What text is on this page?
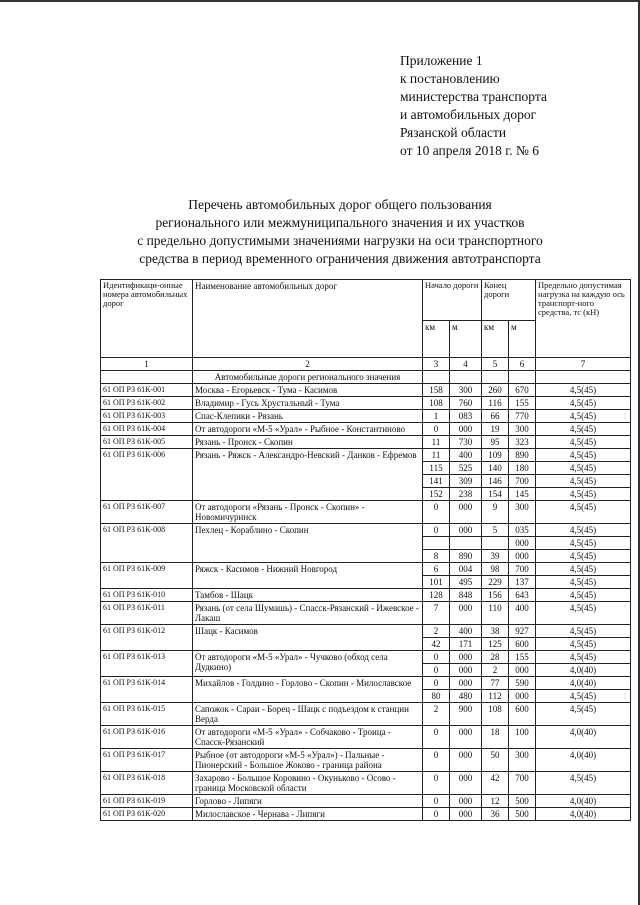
Приложение 1
к постановлению
министерства транспорта
и автомобильных дорог
Рязанской области
от 10 апреля 2018 г. № 6
Перечень автомобильных дорог общего пользования
регионального или межмуниципального значения и их участков
с предельно допустимыми значениями нагрузки на оси транспортного
средства в период временного ограничения движения автотранспорта
Идентификаци-онные номера автомобильных дорог	Наименование автомобильных дорог	Начало дороги		Конец дороги		Предельно допустимая нагрузка на каждую ось транспорт-ного средства, тс (кН)
		км	м	км	м	
1	2	3	4	5	6	7
	Автомобильные дороги регионального значения					
61 ОП РЗ 61К-001	Москва - Егорьевск - Тума - Касимов	158	300	260	670	4,5(45)
61 ОП РЗ 61К-002	Владимир - Гусь Хрустальный - Тума	108	760	116	155	4,5(45)
61 ОП РЗ 61К-003	Спас-Клепики - Рязань	1	083	66	770	4,5(45)
61 ОП РЗ 61К-004	От автодороги «М-5 «Урал» - Рыбное - Константиново	0	000	19	300	4,5(45)
61 ОП РЗ 61К-005	Рязань - Пронск - Скопин	11	730	95	323	4,5(45)
61 ОП РЗ 61К-006	Рязань - Ряжск - Александро-Невский - Данков - Ефремов	11	400	109	890	4,5(45)
		115	525	140	180	4,5(45)
		141	309	146	700	4,5(45)
		152	238	154	145	4,5(45)
61 ОП РЗ 61К-007	От автодороги «Рязань - Пронск - Скопин» - Новомичуринск	0	000	9	300	4,5(45)
61 ОП РЗ 61К-008	Пехлец - Кораблино - Скопин	0	000	5	035	4,5(45)
					000	4,5(45)
		8	890	39	000	4,5(45)
61 ОП РЗ 61К-009	Ряжск - Касимов - Нижний Новгород	6	004	98	700	4,5(45)
		101	495	229	137	4,5(45)
61 ОП РЗ 61К-010	Тамбов - Шацк	128	848	156	643	4,5(45)
61 ОП РЗ 61К-011	Рязань (от села Шумашь) - Спасск-Рязанский - Ижевское - Лакаш	7	000	110	400	4,5(45)
61 ОП РЗ 61К-012	Шацк - Касимов	2	400	38	927	4,5(45)
		42	171	125	600	4,5(45)
61 ОП РЗ 61К-013	От автодороги «М-5 «Урал» - Чучково (обход села Дудкино)	0	000	28	155	4,5(45)
		0	000	2	000	4,0(40)
61 ОП РЗ 61К-014	Михайлов - Голдино - Горлово - Скопин - Милославское	0	000	77	590	4,0(40)
		80	480	112	000	4,5(45)
61 ОП РЗ 61К-015	Сапожок - Сараи - Борец - Шацк с подъездом к станции Верда	2	900	108	600	4,5(45)
61 ОП РЗ 61К-016	От автодороги «М-5 «Урал» - Собчаково - Троица - Спасск-Рязанский	0	000	18	100	4,0(40)
61 ОП РЗ 61К-017	Рыбное (от автодороги «М-5 «Урал») - Пальные - Пионерский - Большое Жоково - граница района	0	000	50	300	4,0(40)
61 ОП РЗ 61К-018	Захарово - Большое Коровино - Окуньково - Осово - граница Московской области	0	000	42	700	4,5(45)
61 ОП РЗ 61К-019	Горлово - Липяги	0	000	12	500	4,0(40)
61 ОП РЗ 61К-020	Милославское - Чернава - Липяги	0	000	36	500	4,0(40)
